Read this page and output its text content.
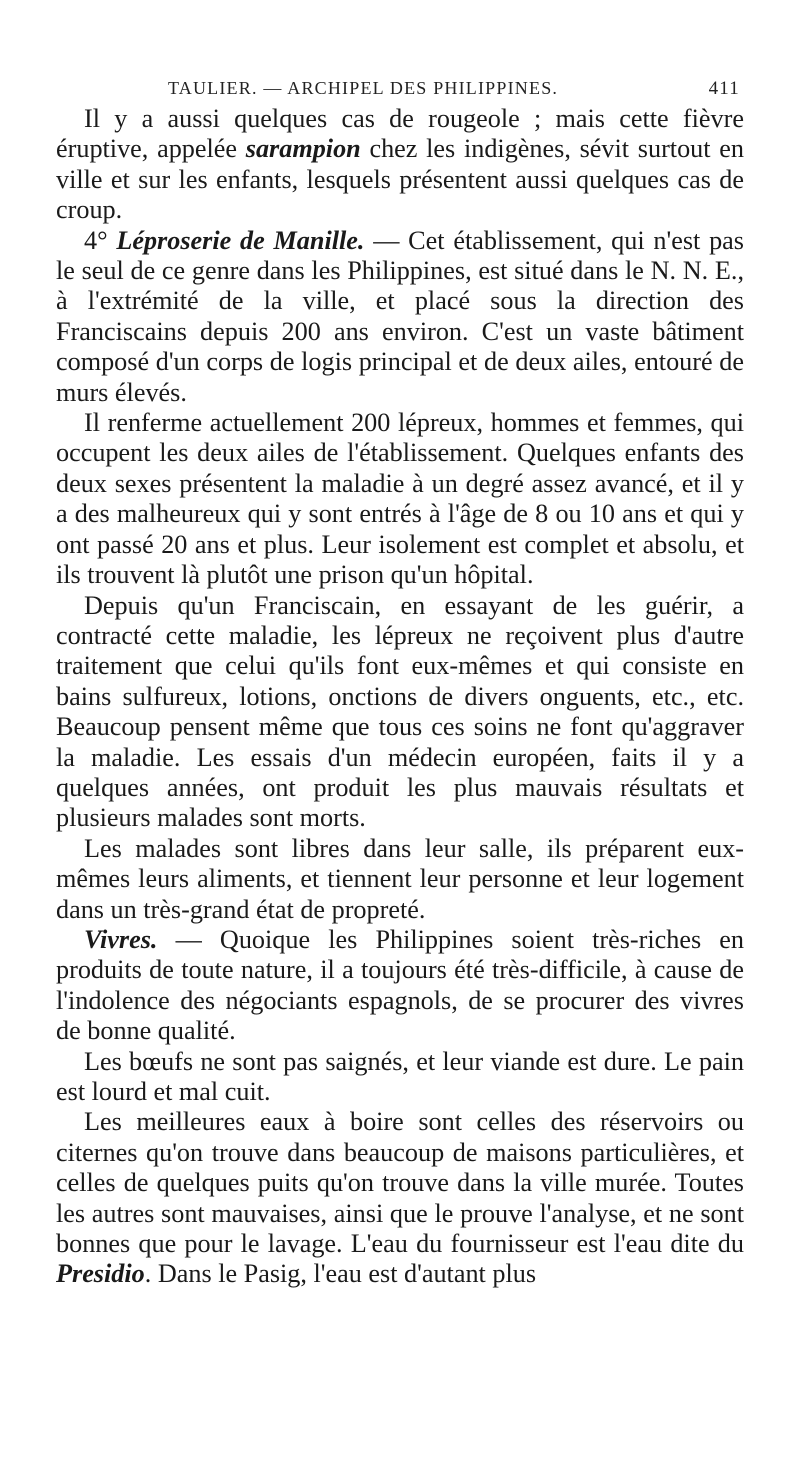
TAULIER. — ARCHIPEL DES PHILIPPINES.	411

Il y a aussi quelques cas de rougeole ; mais cette fièvre éruptive, appelée sarampion chez les indigènes, sévit surtout en ville et sur les enfants, lesquels présentent aussi quelques cas de croup.

4° Léproserie de Manille. — Cet établissement, qui n'est pas le seul de ce genre dans les Philippines, est situé dans le N. N. E., à l'extrémité de la ville, et placé sous la direction des Franciscains depuis 200 ans environ. C'est un vaste bâtiment composé d'un corps de logis principal et de deux ailes, entouré de murs élevés.

Il renferme actuellement 200 lépreux, hommes et femmes, qui occupent les deux ailes de l'établissement. Quelques enfants des deux sexes présentent la maladie à un degré assez avancé, et il y a des malheureux qui y sont entrés à l'âge de 8 ou 10 ans et qui y ont passé 20 ans et plus. Leur isolement est complet et absolu, et ils trouvent là plutôt une prison qu'un hôpital.

Depuis qu'un Franciscain, en essayant de les guérir, a contracté cette maladie, les lépreux ne reçoivent plus d'autre traitement que celui qu'ils font eux-mêmes et qui consiste en bains sulfureux, lotions, onctions de divers onguents, etc., etc. Beaucoup pensent même que tous ces soins ne font qu'aggraver la maladie. Les essais d'un médecin européen, faits il y a quelques années, ont produit les plus mauvais résultats et plusieurs malades sont morts.

Les malades sont libres dans leur salle, ils préparent eux-mêmes leurs aliments, et tiennent leur personne et leur logement dans un très-grand état de propreté.

Vivres. — Quoique les Philippines soient très-riches en produits de toute nature, il a toujours été très-difficile, à cause de l'indolence des négociants espagnols, de se procurer des vivres de bonne qualité.

Les bœufs ne sont pas saignés, et leur viande est dure. Le pain est lourd et mal cuit.

Les meilleures eaux à boire sont celles des réservoirs ou citernes qu'on trouve dans beaucoup de maisons particulières, et celles de quelques puits qu'on trouve dans la ville murée. Toutes les autres sont mauvaises, ainsi que le prouve l'analyse, et ne sont bonnes que pour le lavage. L'eau du fournisseur est l'eau dite du Presidio. Dans le Pasig, l'eau est d'autant plus
